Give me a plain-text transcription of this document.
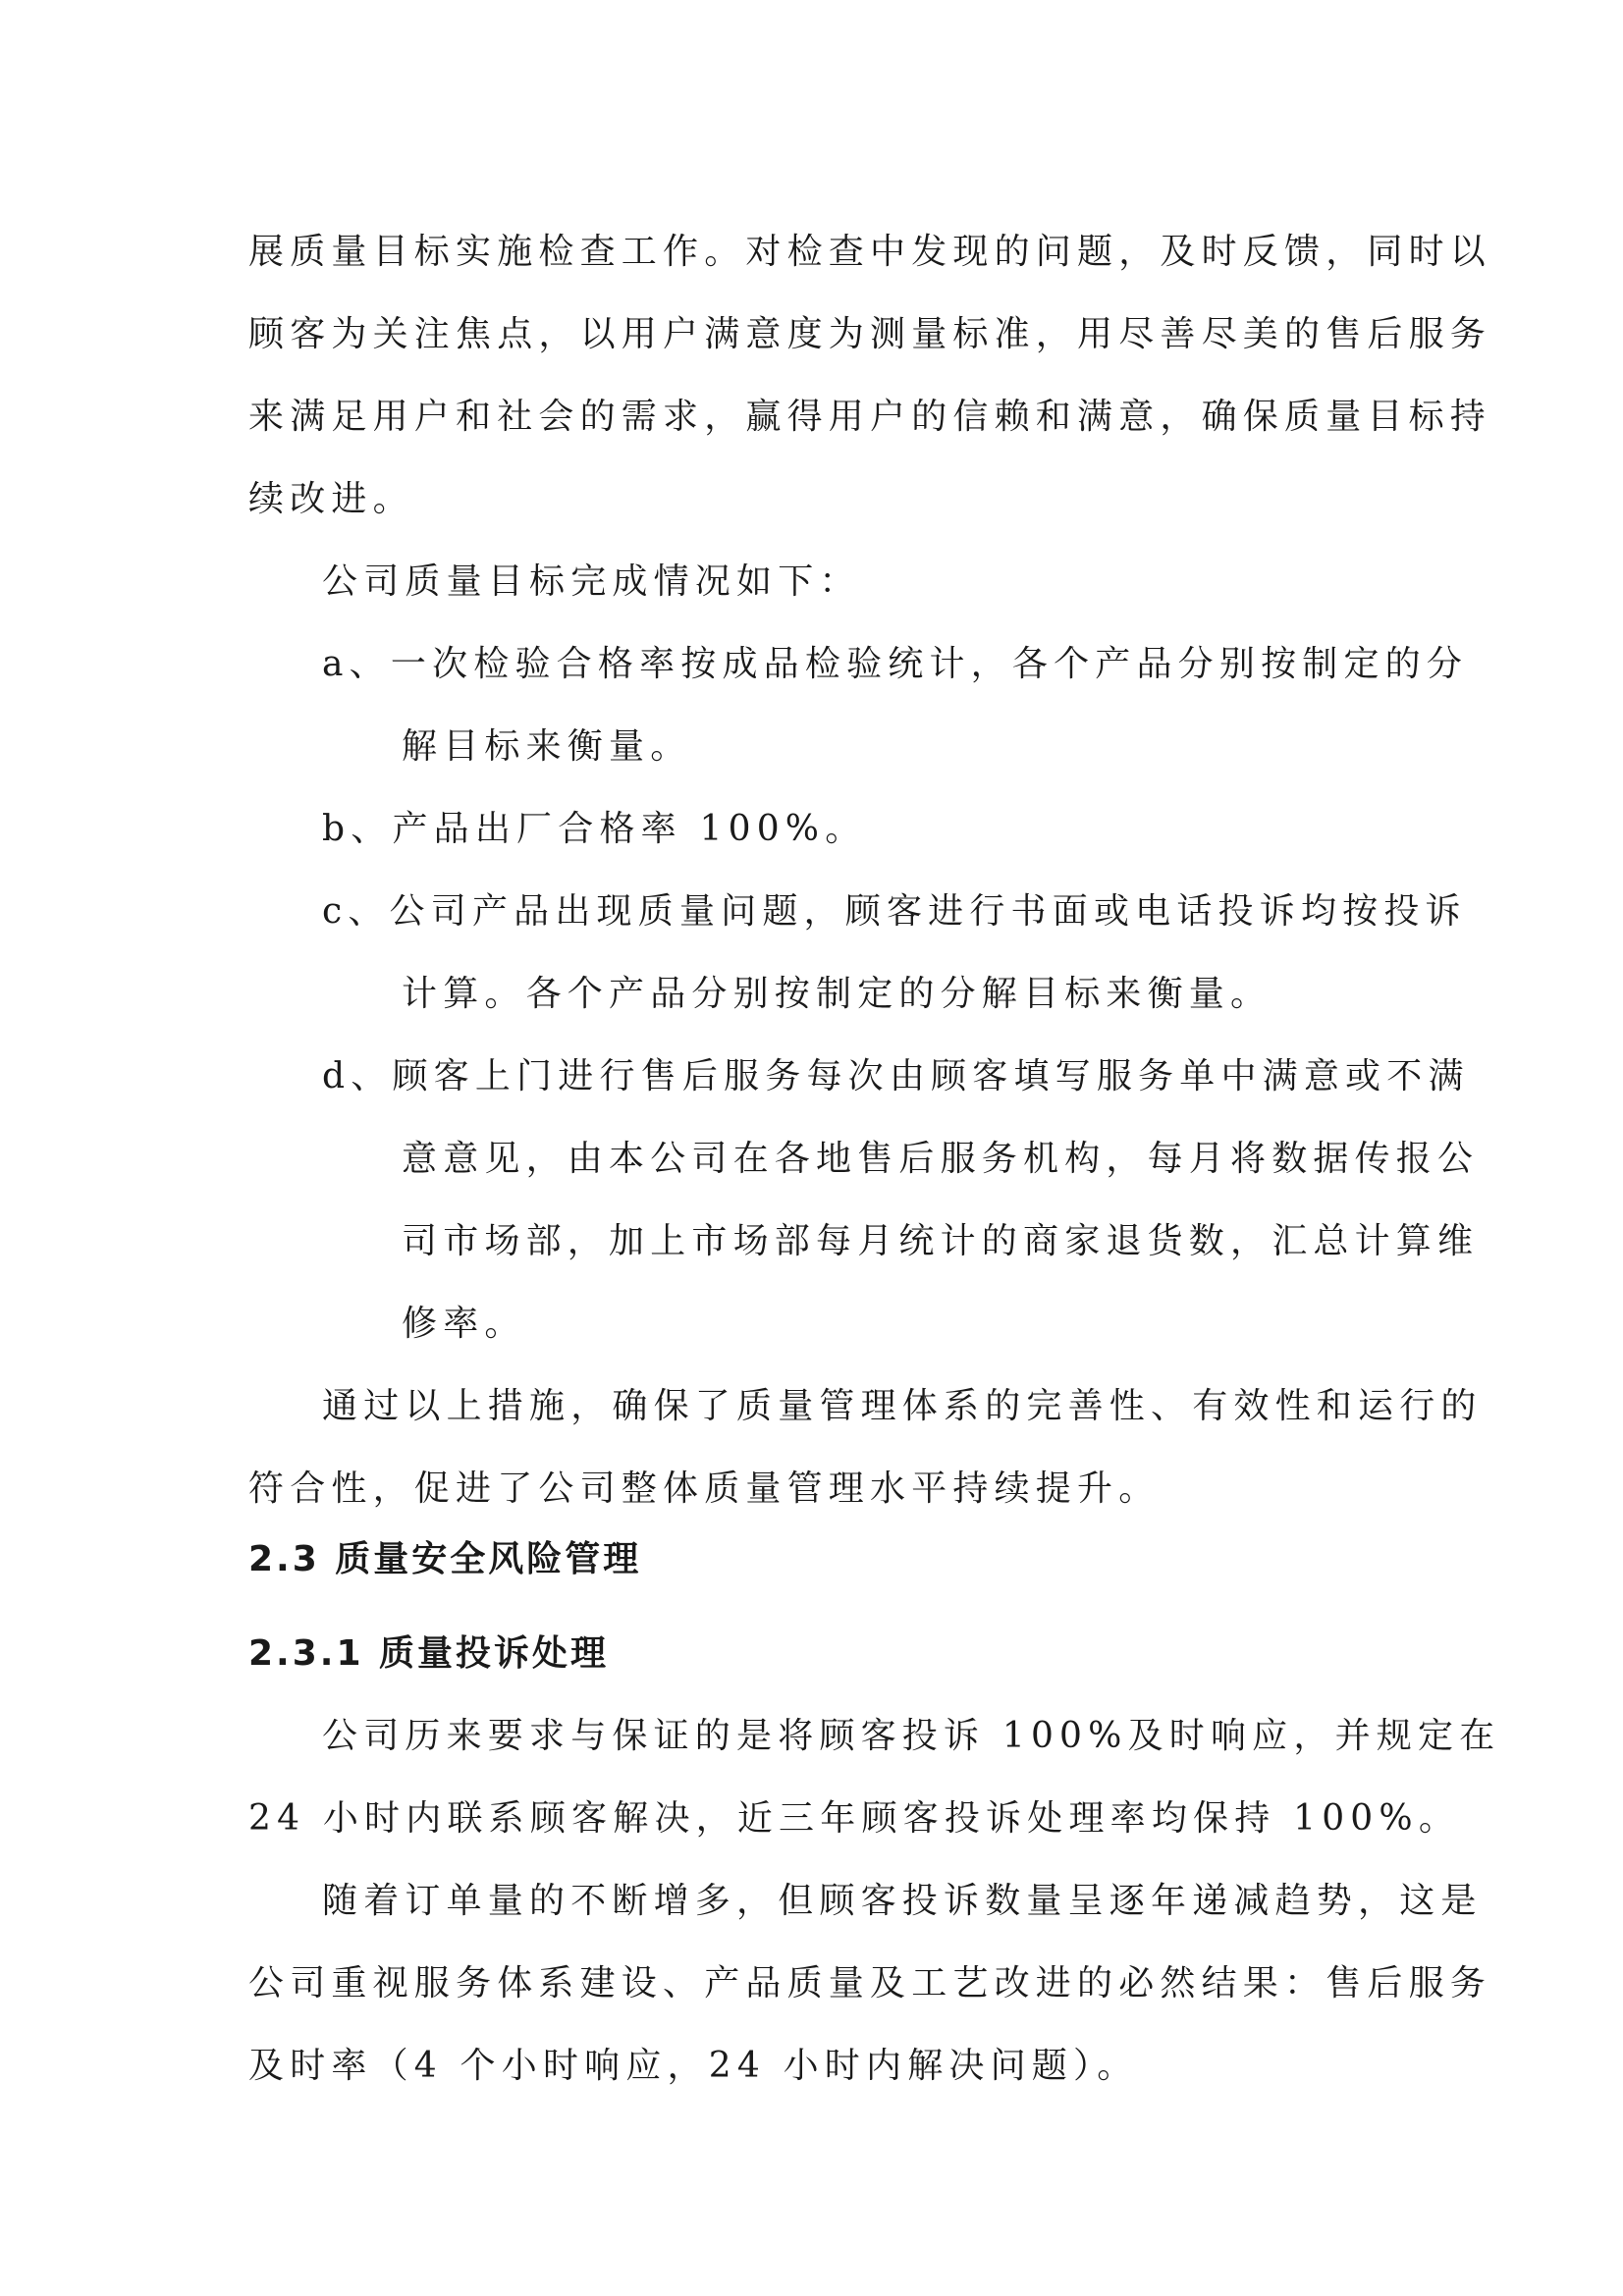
展质量目标实施检查工作。对检查中发现的问题，及时反馈，同时以
顾客为关注焦点，以用户满意度为测量标准，用尽善尽美的售后服务
来满足用户和社会的需求，赢得用户的信赖和满意，确保质量目标持
续改进。
公司质量目标完成情况如下：
a、一次检验合格率按成品检验统计，各个产品分别按制定的分
解目标来衡量。
b、产品出厂合格率 100%。
c、公司产品出现质量问题，顾客进行书面或电话投诉均按投诉
计算。各个产品分别按制定的分解目标来衡量。
d、顾客上门进行售后服务每次由顾客填写服务单中满意或不满
意意见，由本公司在各地售后服务机构，每月将数据传报公
司市场部，加上市场部每月统计的商家退货数，汇总计算维
修率。
通过以上措施，确保了质量管理体系的完善性、有效性和运行的
符合性，促进了公司整体质量管理水平持续提升。
2.3 质量安全风险管理
2.3.1 质量投诉处理
公司历来要求与保证的是将顾客投诉 100%及时响应，并规定在
24 小时内联系顾客解决，近三年顾客投诉处理率均保持 100%。
随着订单量的不断增多，但顾客投诉数量呈逐年递减趋势，这是
公司重视服务体系建设、产品质量及工艺改进的必然结果：售后服务
及时率（4 个小时响应，24 小时内解决问题）。
